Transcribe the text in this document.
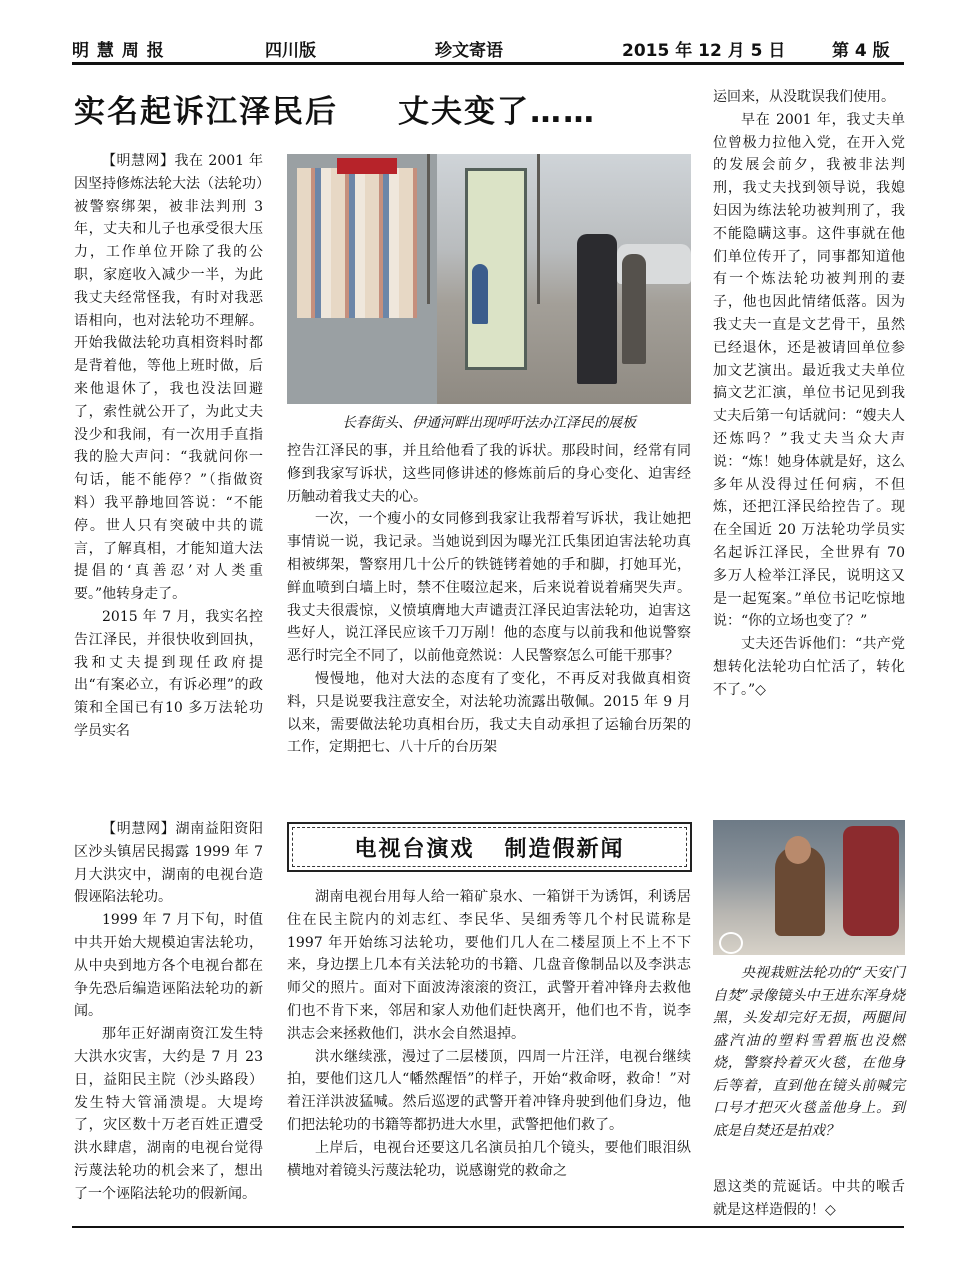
明 慧 周 报	四川版	珍文寄语	2015 年 12 月 5 日	第 4 版
实名起诉江泽民后 丈夫变了……

【明慧网】我在 2001 年因坚持修炼法轮大法（法轮功）被警察绑架，被非法判刑 3 年，丈夫和儿子也承受很大压力，工作单位开除了我的公职，家庭收入减少一半，为此我丈夫经常怪我，有时对我恶语相向，也对法轮功不理解。开始我做法轮功真相资料时都是背着他，等他上班时做，后来他退休了，我也没法回避了，索性就公开了，为此丈夫没少和我闹，有一次用手直指我的脸大声问：“我就问你一句话，能不能停？”（指做资料）我平静地回答说：“不能停。世人只有突破中共的谎言，了解真相，才能知道大法提倡的‘真善忍’对人类重要。”他转身走了。

2015 年 7 月，我实名控告江泽民，并很快收到回执，我和丈夫提到现任政府提出“有案必立，有诉必理”的政策和全国已有10 多万法轮功学员实名

长春街头、伊通河畔出现呼吁法办江泽民的展板

控告江泽民的事，并且给他看了我的诉状。那段时间，经常有同修到我家写诉状，这些同修讲述的修炼前后的身心变化、迫害经历触动着我丈夫的心。

一次，一个瘦小的女同修到我家让我帮着写诉状，我让她把事情说一说，我记录。当她说到因为曝光江氏集团迫害法轮功真相被绑架，警察用几十公斤的铁链铐着她的手和脚，打她耳光，鲜血喷到白墙上时，禁不住啜泣起来，后来说着说着痛哭失声。我丈夫很震惊，义愤填膺地大声谴责江泽民迫害法轮功，迫害这些好人，说江泽民应该千刀万剐！他的态度与以前我和他说警察恶行时完全不同了，以前他竟然说：人民警察怎么可能干那事？

慢慢地，他对大法的态度有了变化，不再反对我做真相资料，只是说要我注意安全，对法轮功流露出敬佩。2015 年 9 月以来，需要做法轮功真相台历，我丈夫自动承担了运输台历架的工作，定期把七、八十斤的台历架

运回来，从没耽误我们使用。

早在 2001 年，我丈夫单位曾极力拉他入党，在开入党的发展会前夕，我被非法判刑，我丈夫找到领导说，我媳妇因为练法轮功被判刑了，我不能隐瞒这事。这件事就在他们单位传开了，同事都知道他有一个炼法轮功被判刑的妻子，他也因此情绪低落。因为我丈夫一直是文艺骨干，虽然已经退休，还是被请回单位参加文艺演出。最近我丈夫单位搞文艺汇演，单位书记见到我丈夫后第一句话就问：“嫂夫人还炼吗？”我丈夫当众大声说：“炼！她身体就是好，这么多年从没得过任何病，不但炼，还把江泽民给控告了。现在全国近 20 万法轮功学员实名起诉江泽民，全世界有 70 多万人检举江泽民，说明这又是一起冤案。”单位书记吃惊地说：“你的立场也变了？”

丈夫还告诉他们：“共产党想转化法轮功白忙活了，转化不了。”◇

电视台演戏 制造假新闻

【明慧网】湖南益阳资阳区沙头镇居民揭露 1999 年 7 月大洪灾中，湖南的电视台造假诬陷法轮功。

1999 年 7 月下旬，时值中共开始大规模迫害法轮功，从中央到地方各个电视台都在争先恐后编造诬陷法轮功的新闻。

那年正好湖南资江发生特大洪水灾害，大约是 7 月 23 日，益阳民主院（沙头路段）发生特大管涌溃堤。大堤垮了，灾区数十万老百姓正遭受洪水肆虐，湖南的电视台觉得污蔑法轮功的机会来了，想出了一个诬陷法轮功的假新闻。

湖南电视台用每人给一箱矿泉水、一箱饼干为诱饵，利诱居住在民主院内的刘志红、李民华、吴细秀等几个村民谎称是 1997 年开始练习法轮功，要他们几人在二楼屋顶上不上不下来，身边摆上几本有关法轮功的书籍、几盘音像制品以及李洪志师父的照片。面对下面波涛滚滚的资江，武警开着冲锋舟去救他们也不肯下来，邻居和家人劝他们赶快离开，他们也不肯，说李洪志会来拯救他们，洪水会自然退掉。

洪水继续涨，漫过了二层楼顶，四周一片汪洋，电视台继续拍，要他们这几人“幡然醒悟”的样子，开始“救命呀，救命！”对着汪洋洪波猛喊。然后巡逻的武警开着冲锋舟驶到他们身边，他们把法轮功的书籍等都扔进大水里，武警把他们救了。

上岸后，电视台还要这几名演员拍几个镜头，要他们眼泪纵横地对着镜头污蔑法轮功，说感谢党的救命之

央视栽赃法轮功的“天安门自焚”录像镜头中王进东浑身烧黑，头发却完好无损，两腿间盛汽油的塑料雪碧瓶也没燃烧，警察拎着灭火毯，在他身后等着，直到他在镜头前喊完口号才把灭火毯盖他身上。到底是自焚还是拍戏？

恩这类的荒诞话。中共的喉舌就是这样造假的！◇
